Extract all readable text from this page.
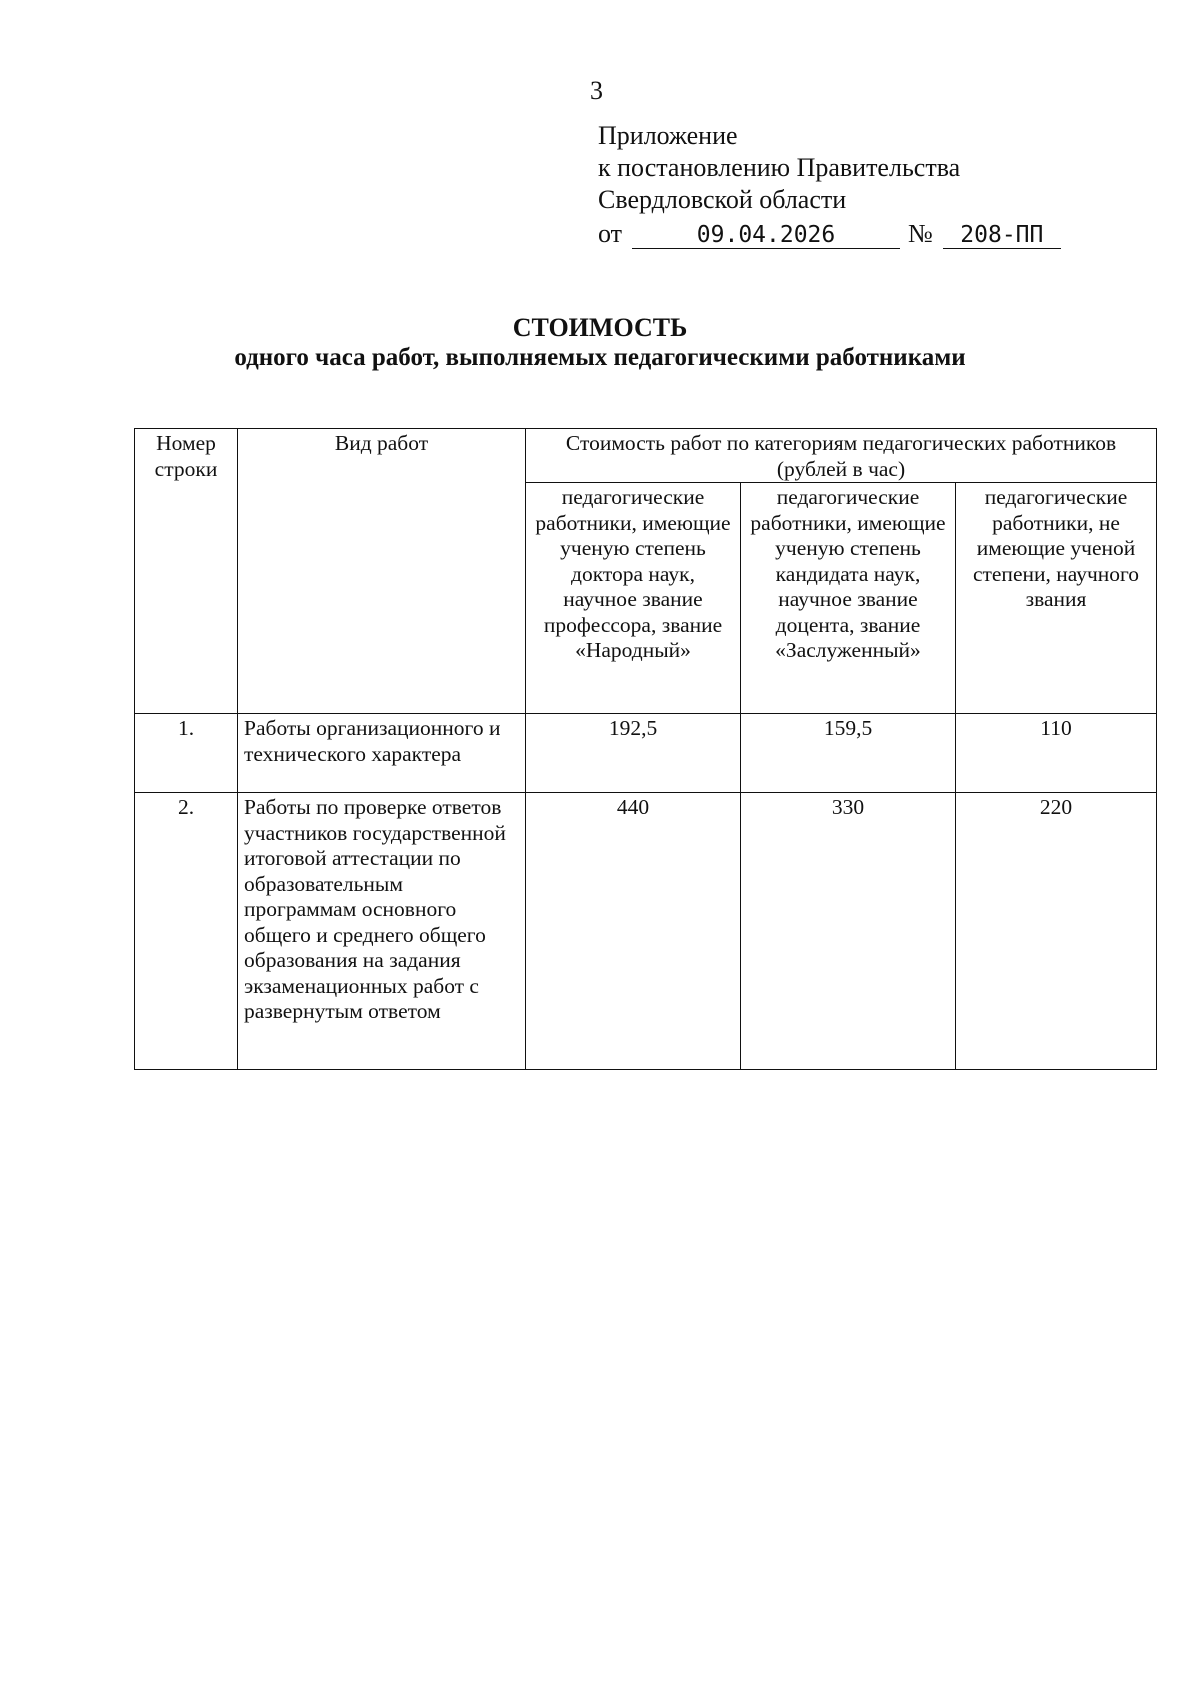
3
Приложение
к постановлению Правительства
Свердловской области
от	09.04.2026	№ 208-ПП
СТОИМОСТЬ
одного часа работ, выполняемых педагогическими работниками
Номер строки	Вид работ	Стоимость работ по категориям педагогических работников (рублей в час)		
		педагогические работники, имеющие ученую степень доктора наук, научное звание профессора, звание «Народный»	педагогические работники, имеющие ученую степень кандидата наук, научное звание доцента, звание «Заслуженный»	педагогические работники, не имеющие ученой степени, научного звания
1.	Работы организационного и технического характера	192,5	159,5	110
2.	Работы по проверке ответов участников государственной итоговой аттестации по образовательным программам основного общего и среднего общего образования на задания экзаменационных работ с развернутым ответом	440	330	220
